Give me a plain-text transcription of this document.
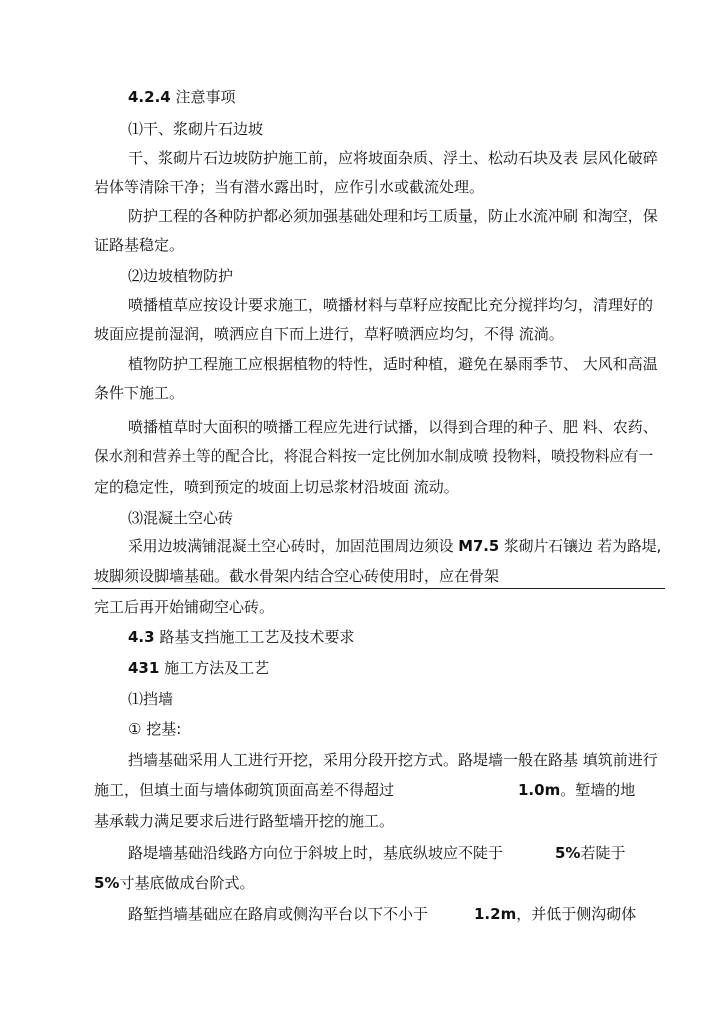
4.2.4 注意事项
⑴干、浆砌片石边坡
干、浆砌片石边坡防护施工前，应将坡面杂质、浮土、松动石块及表 层风化破碎
岩体等清除干净；当有潜水露出时，应作引水或截流处理。
防护工程的各种防护都必须加强基础处理和圬工质量，防止水流冲刷 和淘空，保
证路基稳定。
⑵边坡植物防护
喷播植草应按设计要求施工，喷播材料与草籽应按配比充分搅拌均匀，清理好的
坡面应提前湿润，喷洒应自下而上进行，草籽喷洒应均匀，不得 流淌。
植物防护工程施工应根据植物的特性，适时种植，避免在暴雨季节、 大风和高温
条件下施工。
喷播植草时大面积的喷播工程应先进行试播，以得到合理的种子、肥 料、农药、
保水剂和营养土等的配合比，将混合料按一定比例加水制成喷 投物料，喷投物料应有一
定的稳定性，喷到预定的坡面上切忌浆材沿坡面 流动。
⑶混凝土空心砖
采用边坡满铺混凝土空心砖时，加固范围周边须设 M7.5 浆砌片石镶边 若为路堤,
坡脚须设脚墙基础。截水骨架内结合空心砖使用时，应在骨架
完工后再开始铺砌空心砖。
4.3 路基支挡施工工艺及技术要求
431 施工方法及工艺
⑴挡墙
① 挖基:
挡墙基础采用人工进行开挖，采用分段开挖方式。路堤墙一般在路基 填筑前进行
施工，但填土面与墙体砌筑顶面高差不得超过	1.0m。堑墙的地
基承载力满足要求后进行路堑墙开挖的施工。
路堤墙基础沿线路方向位于斜坡上时，基底纵坡应不陡于	5%若陡于
5%寸基底做成台阶式。
路堑挡墙基础应在路肩或侧沟平台以下不小于	1.2m，并低于侧沟砌体
